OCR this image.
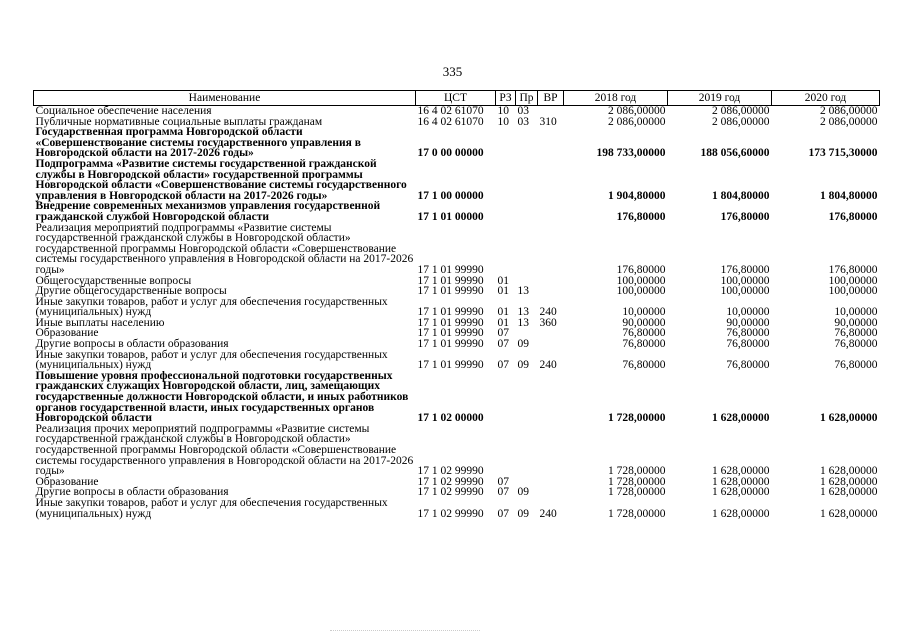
335
Наименование	ЦСТ	РЗ	Пр	ВР	2018 год	2019 год	2020 год
Социальное обеспечение населения	16 4 02 61070	10	03		2 086,00000	2 086,00000	2 086,00000
Публичные нормативные социальные выплаты гражданам	16 4 02 61070	10	03	310	2 086,00000	2 086,00000	2 086,00000
Государственная программа Новгородской области «Совершенствование системы государственного управления в Новгородской области на 2017-2026 годы»	17 0 00 00000				198 733,00000	188 056,60000	173 715,30000
Подпрограмма «Развитие системы государственной гражданской службы в Новгородской области» государственной программы Новгородской области «Совершенствование системы государственного управления в Новгородской области на 2017-2026 годы»	17 1 00 00000				1 904,80000	1 804,80000	1 804,80000
Внедрение современных механизмов управления государственной гражданской службой Новгородской области	17 1 01 00000				176,80000	176,80000	176,80000
Реализация мероприятий подпрограммы «Развитие системы государственной гражданской службы в Новгородской области» государственной программы Новгородской области «Совершенствование системы государственного управления в Новгородской области на 2017-2026 годы»	17 1 01 99990				176,80000	176,80000	176,80000
Общегосударственные вопросы	17 1 01 99990	01			100,00000	100,00000	100,00000
Другие общегосударственные вопросы	17 1 01 99990	01	13		100,00000	100,00000	100,00000
Иные закупки товаров, работ и услуг для обеспечения государственных (муниципальных) нужд	17 1 01 99990	01	13	240	10,00000	10,00000	10,00000
Иные выплаты населению	17 1 01 99990	01	13	360	90,00000	90,00000	90,00000
Образование	17 1 01 99990	07			76,80000	76,80000	76,80000
Другие вопросы в области образования	17 1 01 99990	07	09		76,80000	76,80000	76,80000
Иные закупки товаров, работ и услуг для обеспечения государственных (муниципальных) нужд	17 1 01 99990	07	09	240	76,80000	76,80000	76,80000
Повышение уровня профессиональной подготовки государственных гражданских служащих Новгородской области, лиц, замещающих государственные должности Новгородской области, и иных работников органов государственной власти, иных государственных органов Новгородской области	17 1 02 00000				1 728,00000	1 628,00000	1 628,00000
Реализация прочих мероприятий подпрограммы «Развитие системы государственной гражданской службы в Новгородской области» государственной программы Новгородской области «Совершенствование системы государственного управления в Новгородской области на 2017-2026 годы»	17 1 02 99990				1 728,00000	1 628,00000	1 628,00000
Образование	17 1 02 99990	07			1 728,00000	1 628,00000	1 628,00000
Другие вопросы в области образования	17 1 02 99990	07	09		1 728,00000	1 628,00000	1 628,00000
Иные закупки товаров, работ и услуг для обеспечения государственных (муниципальных) нужд	17 1 02 99990	07	09	240	1 728,00000	1 628,00000	1 628,00000
